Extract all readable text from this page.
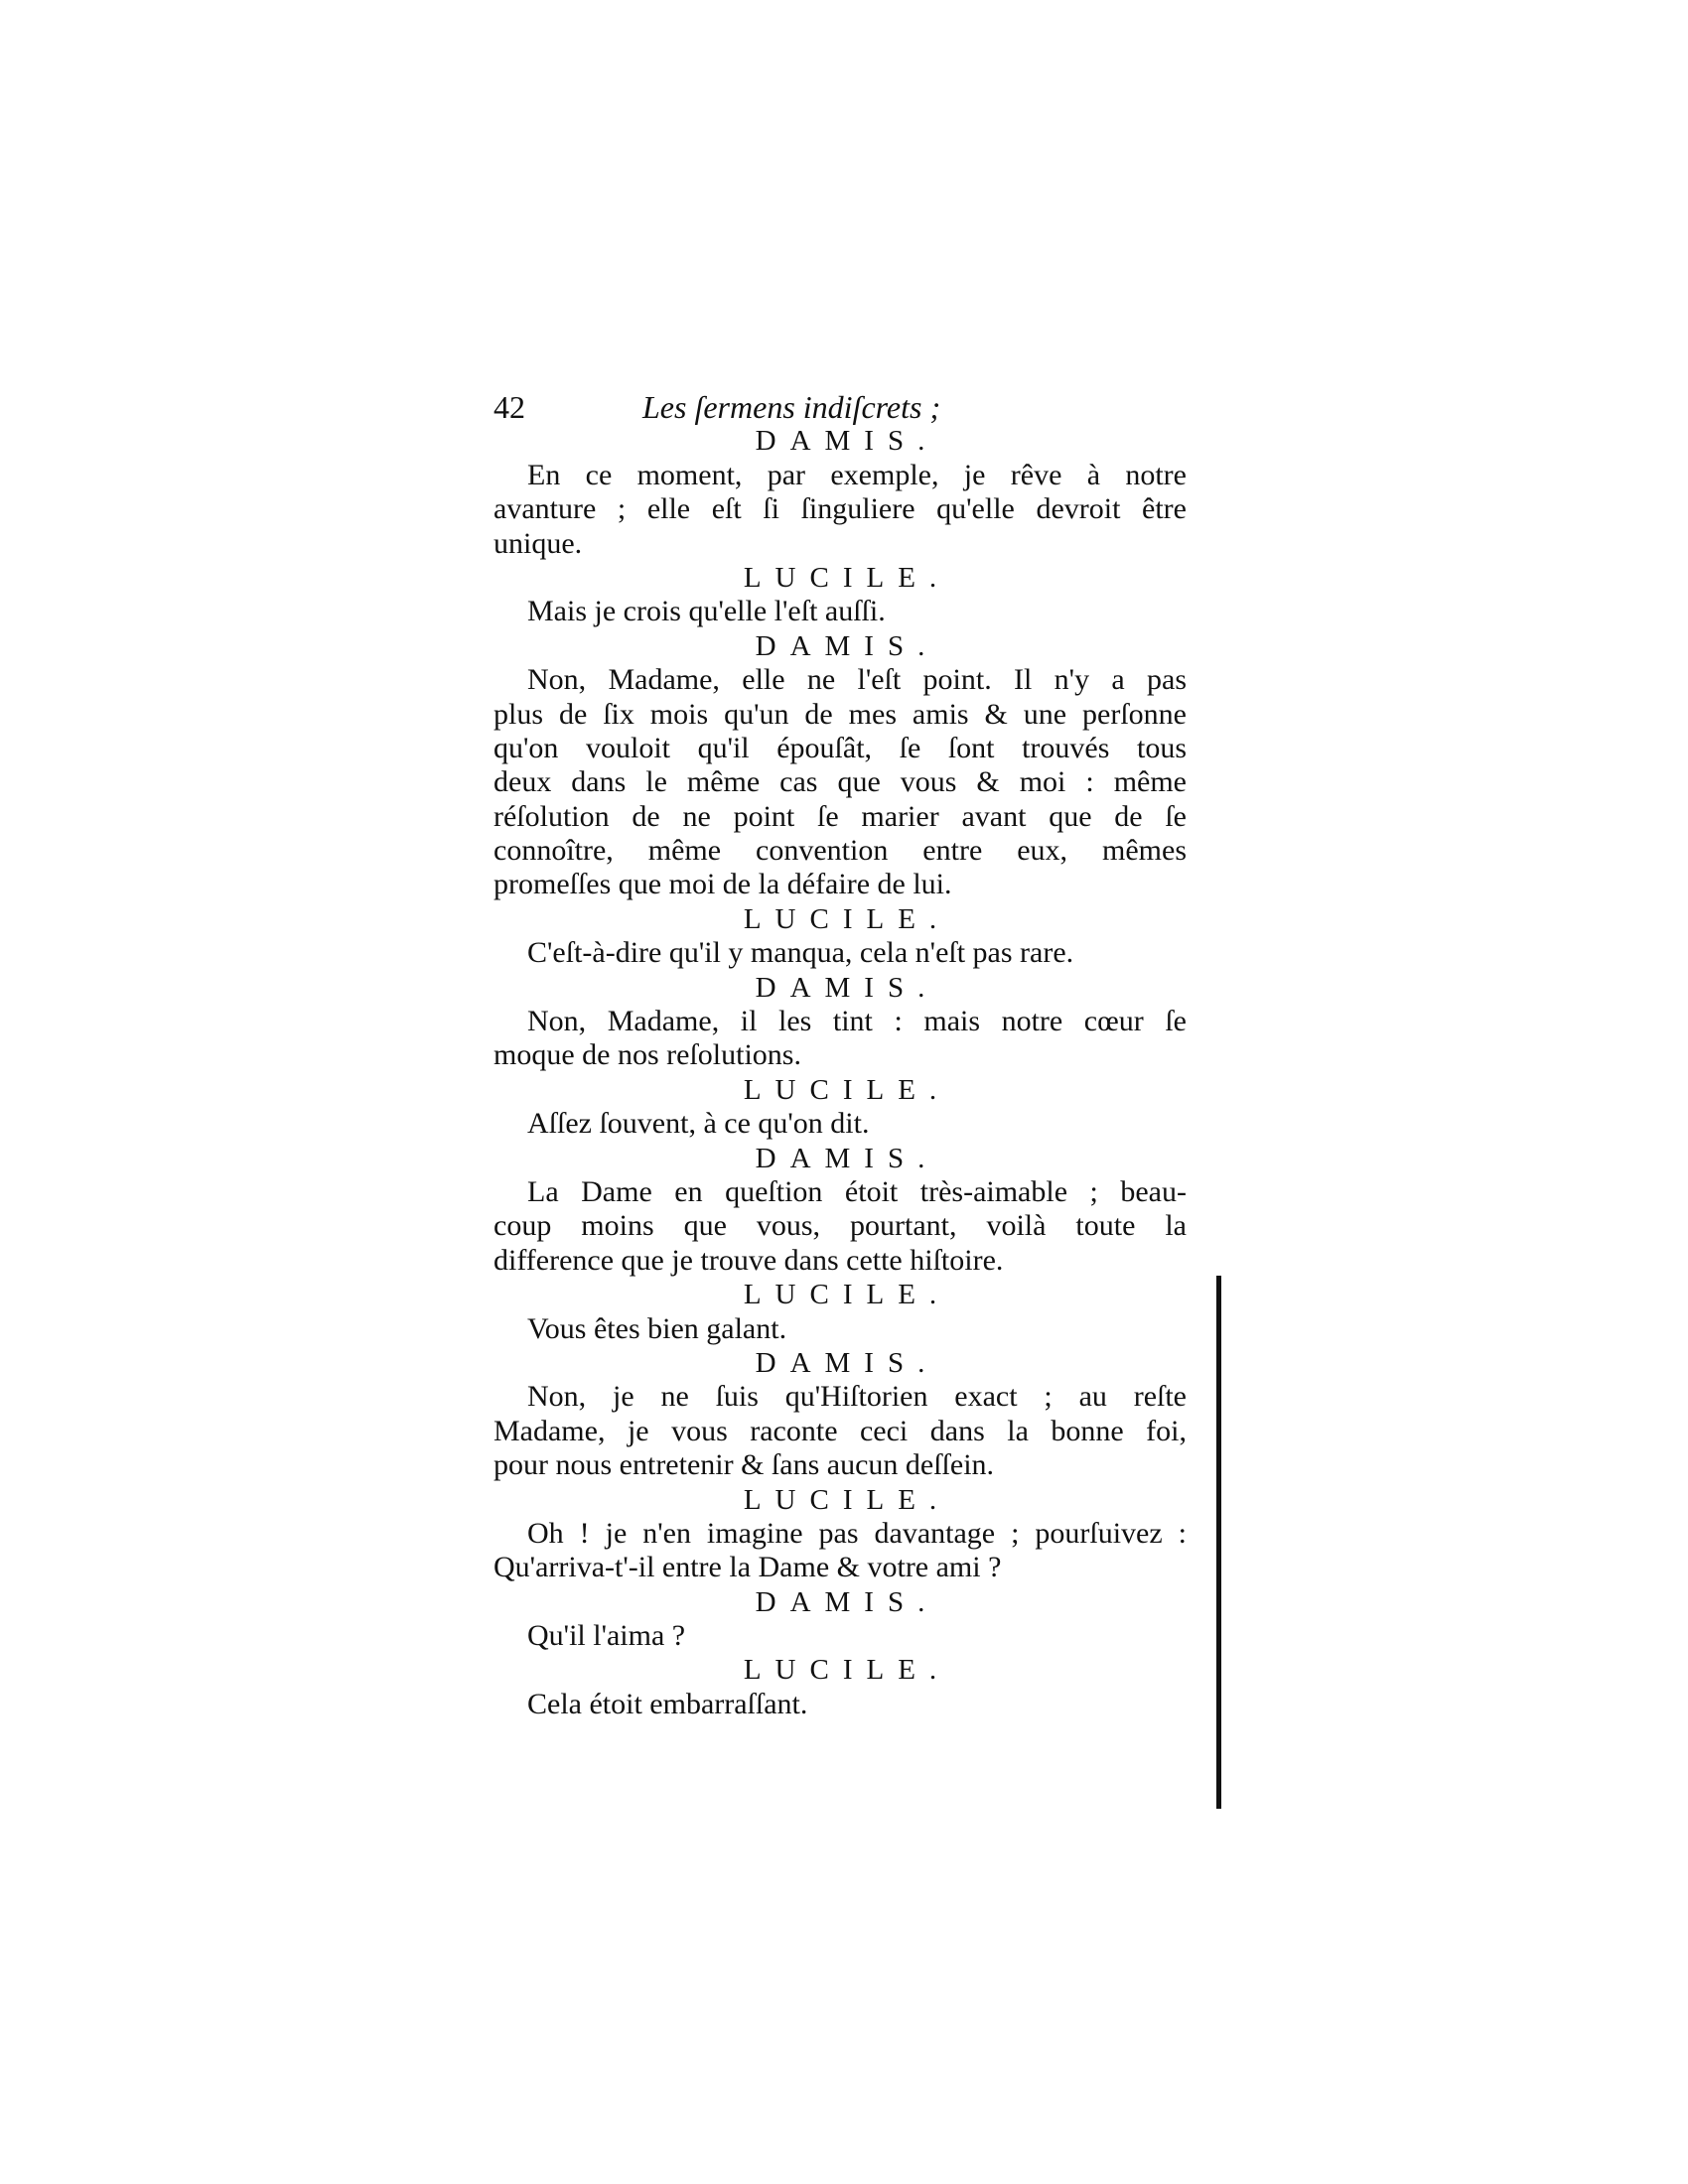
42	Les ſermens indiſcrets ;
DAMIS.
En ce moment, par exemple, je rêve à notre
avanture ; elle eſt ſi ſinguliere qu'elle devroit être
unique.
LUCILE.
Mais je crois qu'elle l'eſt auſſi.
DAMIS.
Non, Madame, elle ne l'eſt point. Il n'y a pas
plus de ſix mois qu'un de mes amis & une perſonne
qu'on vouloit qu'il épouſât, ſe ſont trouvés tous
deux dans le même cas que vous & moi : même
réſolution de ne point ſe marier avant que de ſe
connoître, même convention entre eux, mêmes
promeſſes que moi de la défaire de lui.
LUCILE.
C'eſt-à-dire qu'il y manqua, cela n'eſt pas rare.
DAMIS.
Non, Madame, il les tint : mais notre cœur ſe
moque de nos reſolutions.
LUCILE.
Aſſez ſouvent, à ce qu'on dit.
DAMIS.
La Dame en queſtion étoit très-aimable ; beau-
coup moins que vous, pourtant, voilà toute la
difference que je trouve dans cette hiſtoire.
LUCILE.
Vous êtes bien galant.
DAMIS.
Non, je ne ſuis qu'Hiſtorien exact ; au reſte
Madame, je vous raconte ceci dans la bonne foi,
pour nous entretenir & ſans aucun deſſein.
LUCILE.
Oh ! je n'en imagine pas davantage ; pourſuivez :
Qu'arriva-t'-il entre la Dame & votre ami ?
DAMIS.
Qu'il l'aima ?
LUCILE.
Cela étoit embarraſſant.
